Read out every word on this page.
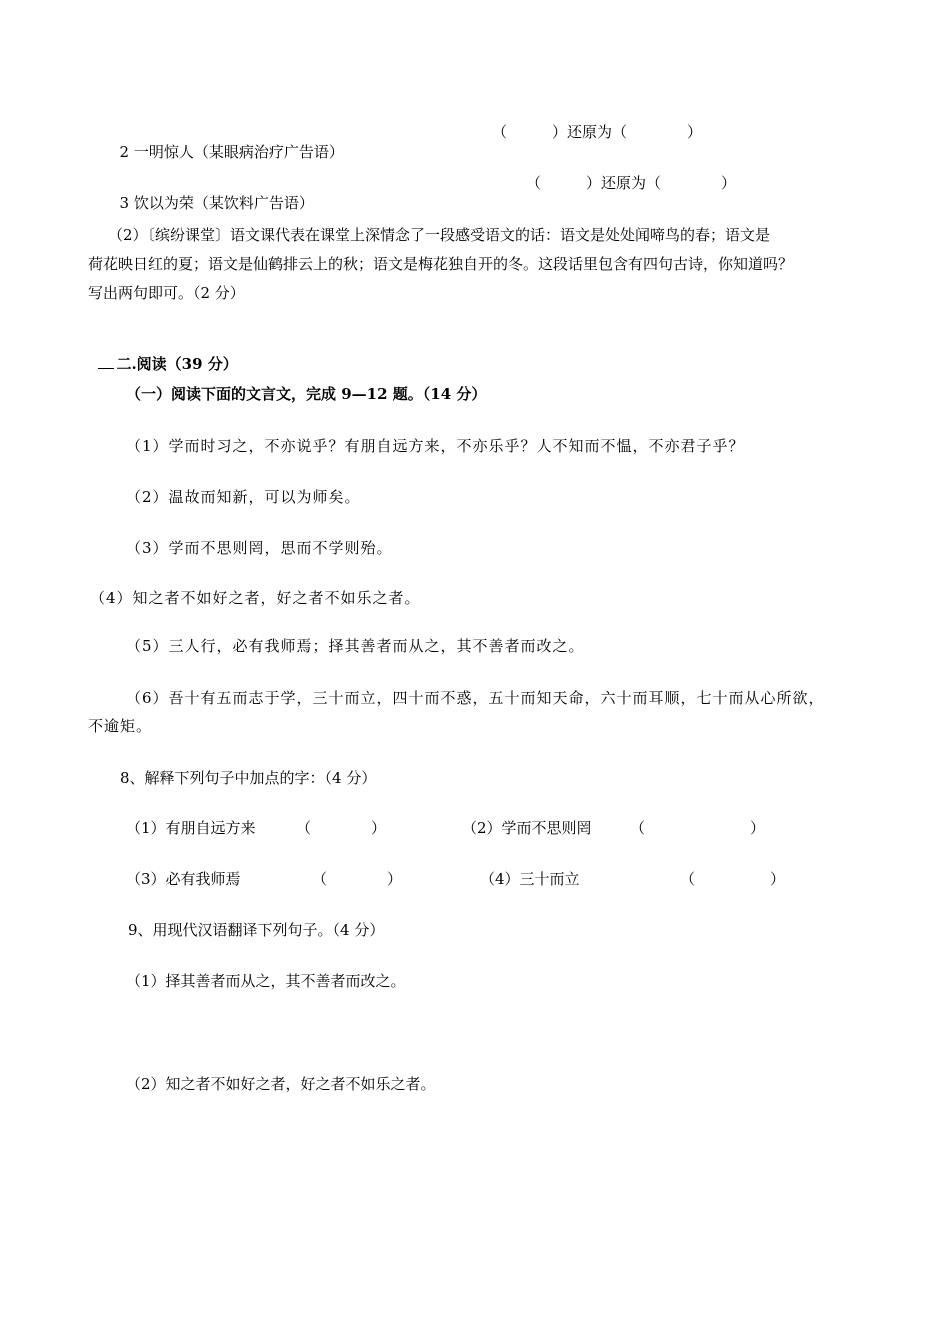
2 一明惊人（某眼病治疗广告语）

（　　　）还原为（　　　　）

3 饮以为荣（某饮料广告语）

（　　　）还原为（　　　　）
（2）〔缤纷课堂〕语文课代表在课堂上深情念了一段感受语文的话：语文是处处闻啼鸟的春；语文是
荷花映日红的夏；语文是仙鹤排云上的秋；语文是梅花独自开的冬。这段话里包含有四句古诗，你知道吗？
写出两句即可。（2 分）

二.阅读（39 分）

（一）阅读下面的文言文，完成 9—12 题。（14 分）
（1）学而时习之，不亦说乎？有朋自远方来，不亦乐乎？人不知而不愠，不亦君子乎？
（2）温故而知新，可以为师矣。
（3）学而不思则罔，思而不学则殆。
（4）知之者不如好之者，好之者不如乐之者。
（5）三人行，必有我师焉；择其善者而从之，其不善者而改之。
（6）吾十有五而志于学，三十而立，四十而不惑，五十而知天命，六十而耳顺，七十而从心所欲，
不逾矩。
8、解释下列句子中加点的字：（4 分）
（1）有朋自远方来	（　　　　）	（2）学而不思则罔	（　　　　　　　）
（3）必有我师焉	（　　　　）	（4）三十而立	（　　　　　）
9、用现代汉语翻译下列句子。（4 分）
（1）择其善者而从之，其不善者而改之。
（2）知之者不如好之者，好之者不如乐之者。
